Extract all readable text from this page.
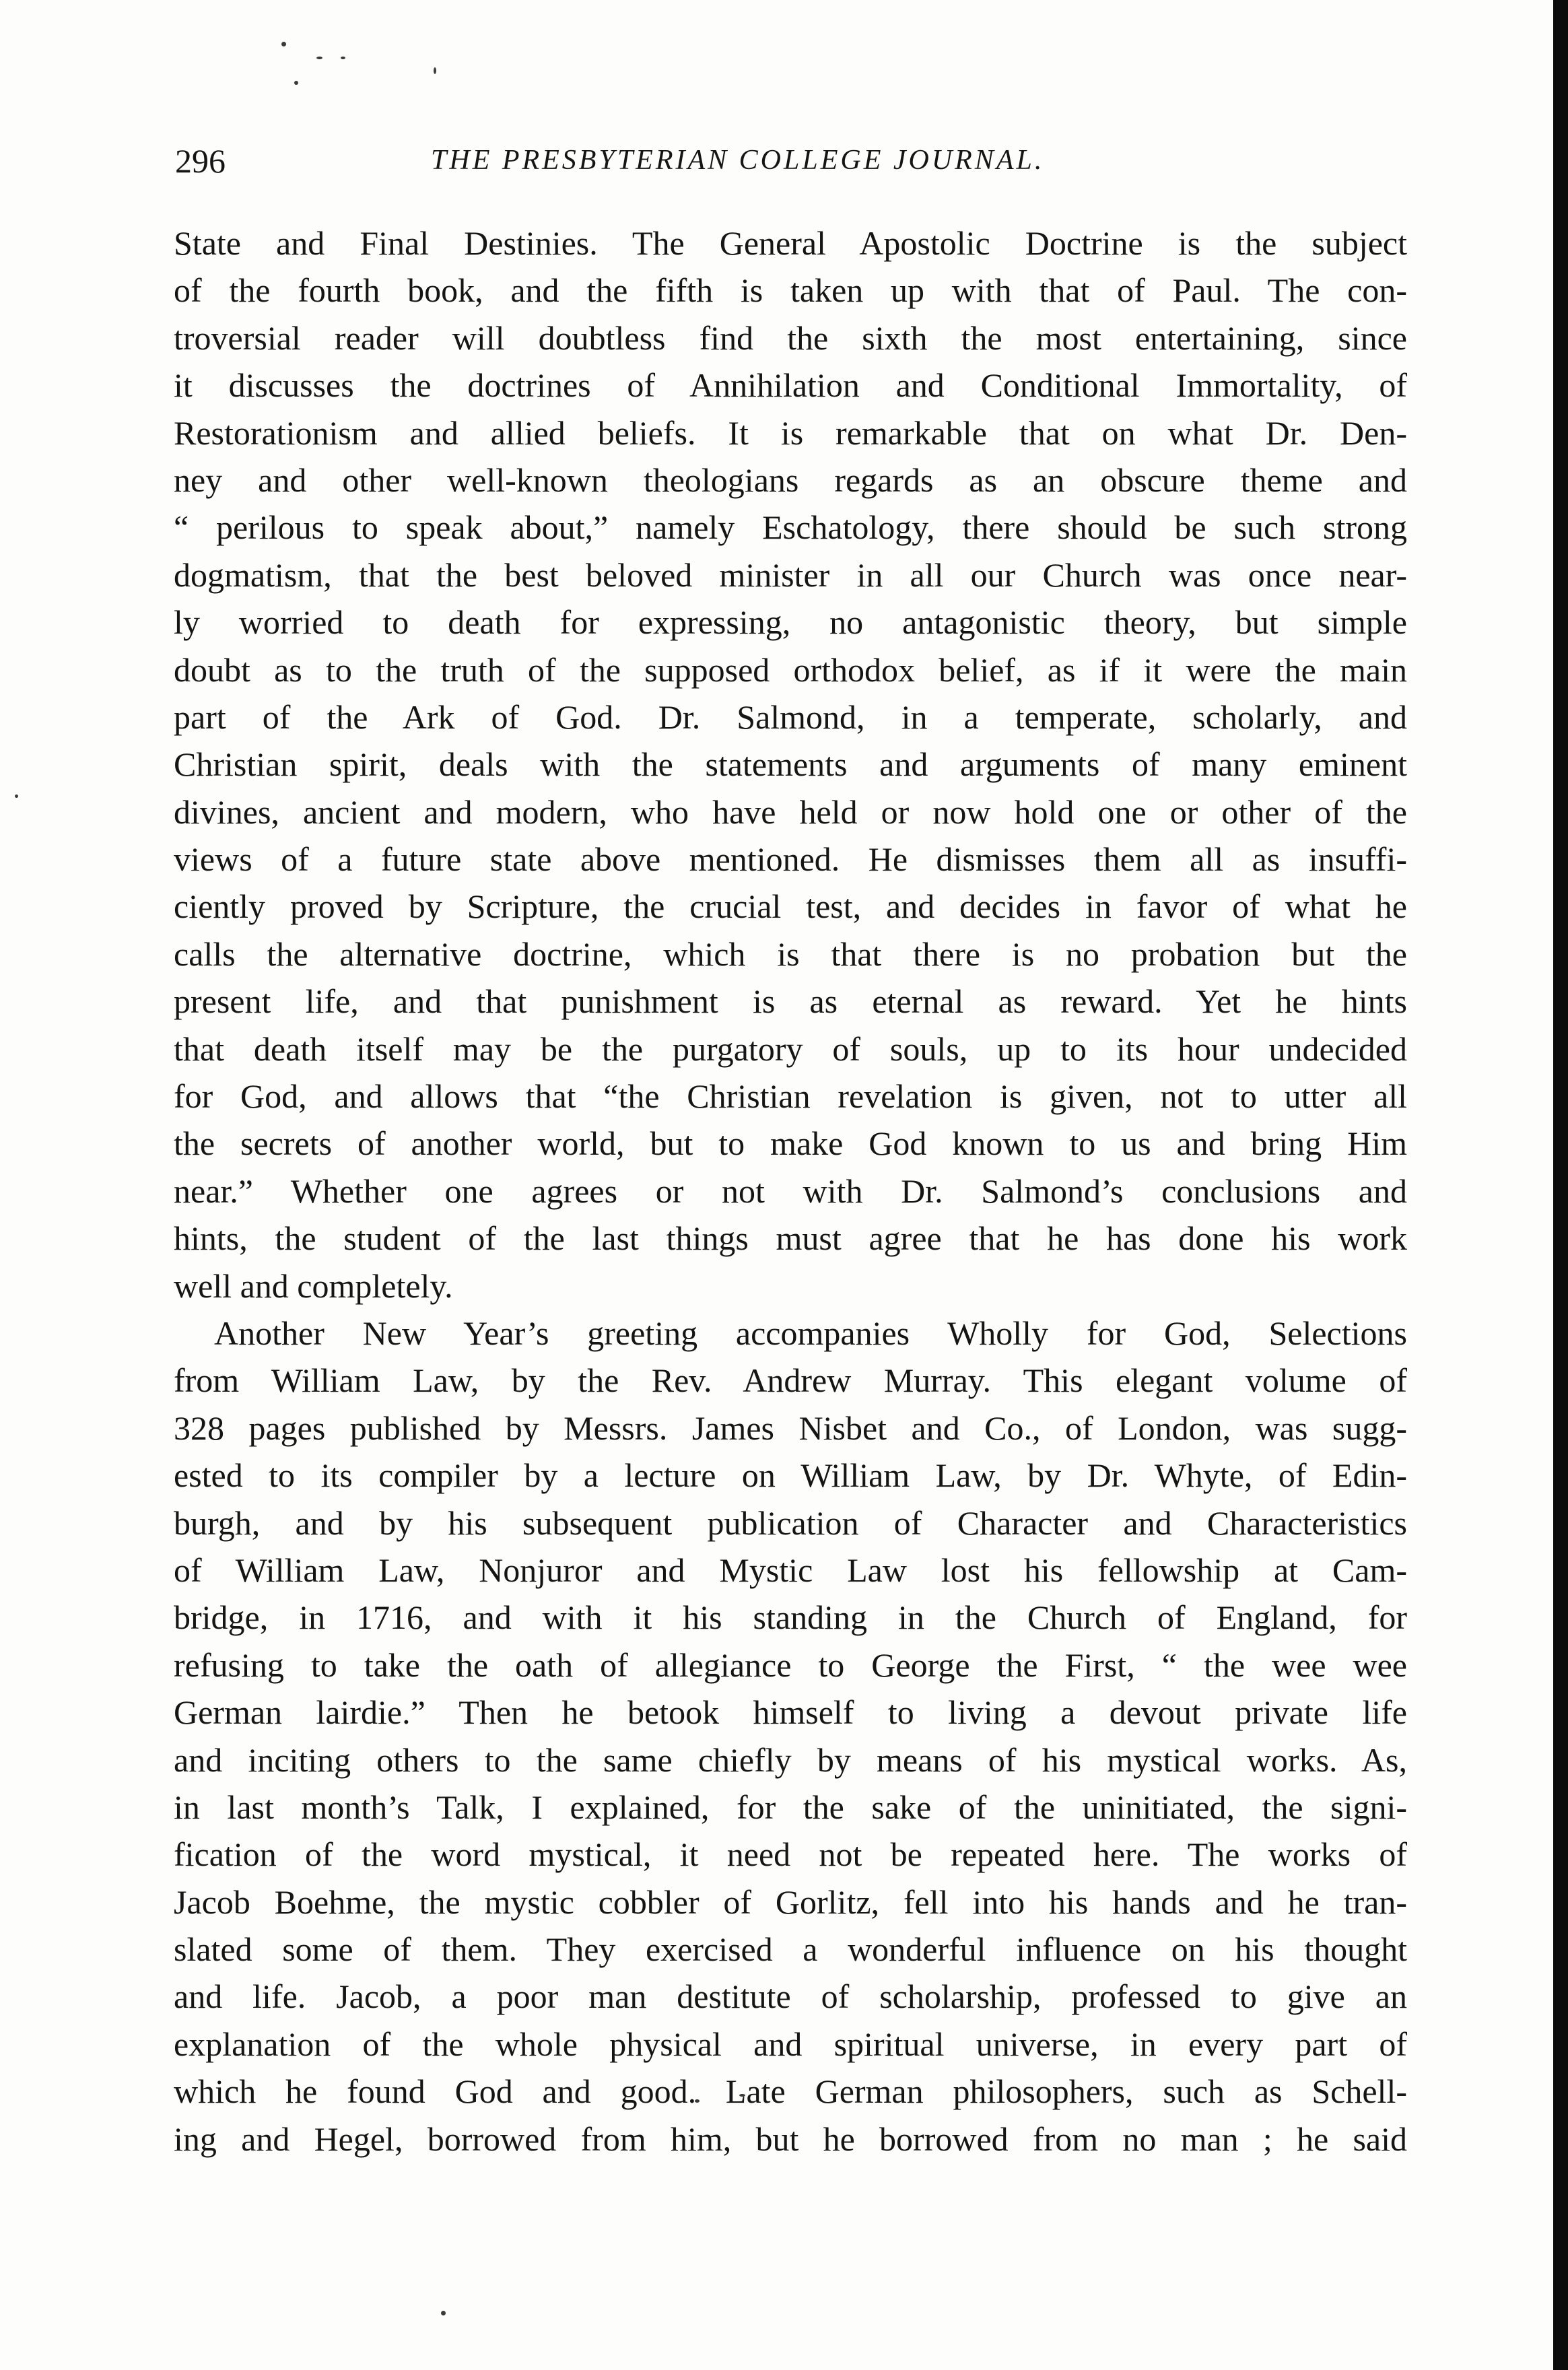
296	THE PRESBYTERIAN COLLEGE JOURNAL.
State and Final Destinies. The General Apostolic Doctrine is the subject
of the fourth book, and the fifth is taken up with that of Paul. The con-
troversial reader will doubtless find the sixth the most entertaining, since
it discusses the doctrines of Annihilation and Conditional Immortality, of
Restorationism and allied beliefs. It is remarkable that on what Dr. Den-
ney and other well-known theologians regards as an obscure theme and
“ perilous to speak about,” namely Eschatology, there should be such strong
dogmatism, that the best beloved minister in all our Church was once near-
ly worried to death for expressing, no antagonistic theory, but simple
doubt as to the truth of the supposed orthodox belief, as if it were the main
part of the Ark of God. Dr. Salmond, in a temperate, scholarly, and
Christian spirit, deals with the statements and arguments of many eminent
divines, ancient and modern, who have held or now hold one or other of the
views of a future state above mentioned. He dismisses them all as insuffi-
ciently proved by Scripture, the crucial test, and decides in favor of what he
calls the alternative doctrine, which is that there is no probation but the
present life, and that punishment is as eternal as reward. Yet he hints
that death itself may be the purgatory of souls, up to its hour undecided
for God, and allows that “the Christian revelation is given, not to utter all
the secrets of another world, but to make God known to us and bring Him
near.” Whether one agrees or not with Dr. Salmond’s conclusions and
hints, the student of the last things must agree that he has done his work
well and completely.
Another New Year’s greeting accompanies Wholly for God, Selections
from William Law, by the Rev. Andrew Murray. This elegant volume of
328 pages published by Messrs. James Nisbet and Co., of London, was sugg-
ested to its compiler by a lecture on William Law, by Dr. Whyte, of Edin-
burgh, and by his subsequent publication of Character and Characteristics
of William Law, Nonjuror and Mystic Law lost his fellowship at Cam-
bridge, in 1716, and with it his standing in the Church of England, for
refusing to take the oath of allegiance to George the First, “ the wee wee
German lairdie.” Then he betook himself to living a devout private life
and inciting others to the same chiefly by means of his mystical works. As,
in last month’s Talk, I explained, for the sake of the uninitiated, the signi-
fication of the word mystical, it need not be repeated here. The works of
Jacob Boehme, the mystic cobbler of Gorlitz, fell into his hands and he tran-
slated some of them. They exercised a wonderful influence on his thought
and life. Jacob, a poor man destitute of scholarship, professed to give an
explanation of the whole physical and spiritual universe, in every part of
which he found God and good. Late German philosophers, such as Schell-
ing and Hegel, borrowed from him, but he borrowed from no man ; he said
